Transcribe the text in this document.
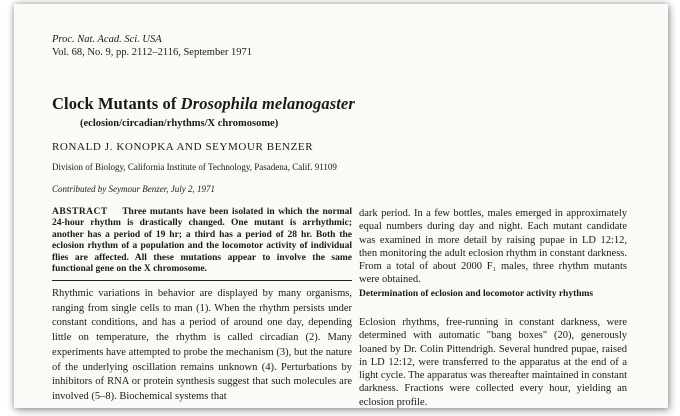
Proc. Nat. Acad. Sci. USA
Vol. 68, No. 9, pp. 2112–2116, September 1971
Clock Mutants of Drosophila melanogaster
(eclosion/circadian/rhythms/X chromosome)
RONALD J. KONOPKA AND SEYMOUR BENZER
Division of Biology, California Institute of Technology, Pasadena, Calif. 91109
Contributed by Seymour Benzer, July 2, 1971
ABSTRACT Three mutants have been isolated in which the normal 24-hour rhythm is drastically changed. One mutant is arrhythmic; another has a period of 19 hr; a third has a period of 28 hr. Both the eclosion rhythm of a population and the locomotor activity of individual flies are affected. All these mutations appear to involve the same functional gene on the X chromosome.

Rhythmic variations in behavior are displayed by many organisms, ranging from single cells to man (1). When the rhythm persists under constant conditions, and has a period of around one day, depending little on temperature, the rhythm is called circadian (2). Many experiments have attempted to probe the mechanism (3), but the nature of the underlying oscillation remains unknown (4). Perturbations by inhibitors of RNA or protein synthesis suggest that such molecules are involved (5–8). Biochemical systems that

dark period. In a few bottles, males emerged in approximately equal numbers during day and night. Each mutant candidate was examined in more detail by raising pupae in LD 12:12, then monitoring the adult eclosion rhythm in constant darkness. From a total of about 2000 F₁ males, three rhythm mutants were obtained.

Determination of eclosion and locomotor activity rhythms

Eclosion rhythms, free-running in constant darkness, were determined with automatic "bang boxes" (20), generously loaned by Dr. Colin Pittendrigh. Several hundred pupae, raised in LD 12:12, were transferred to the apparatus at the end of a light cycle. The apparatus was thereafter maintained in constant darkness. Fractions were collected every hour, yielding an eclosion profile.
